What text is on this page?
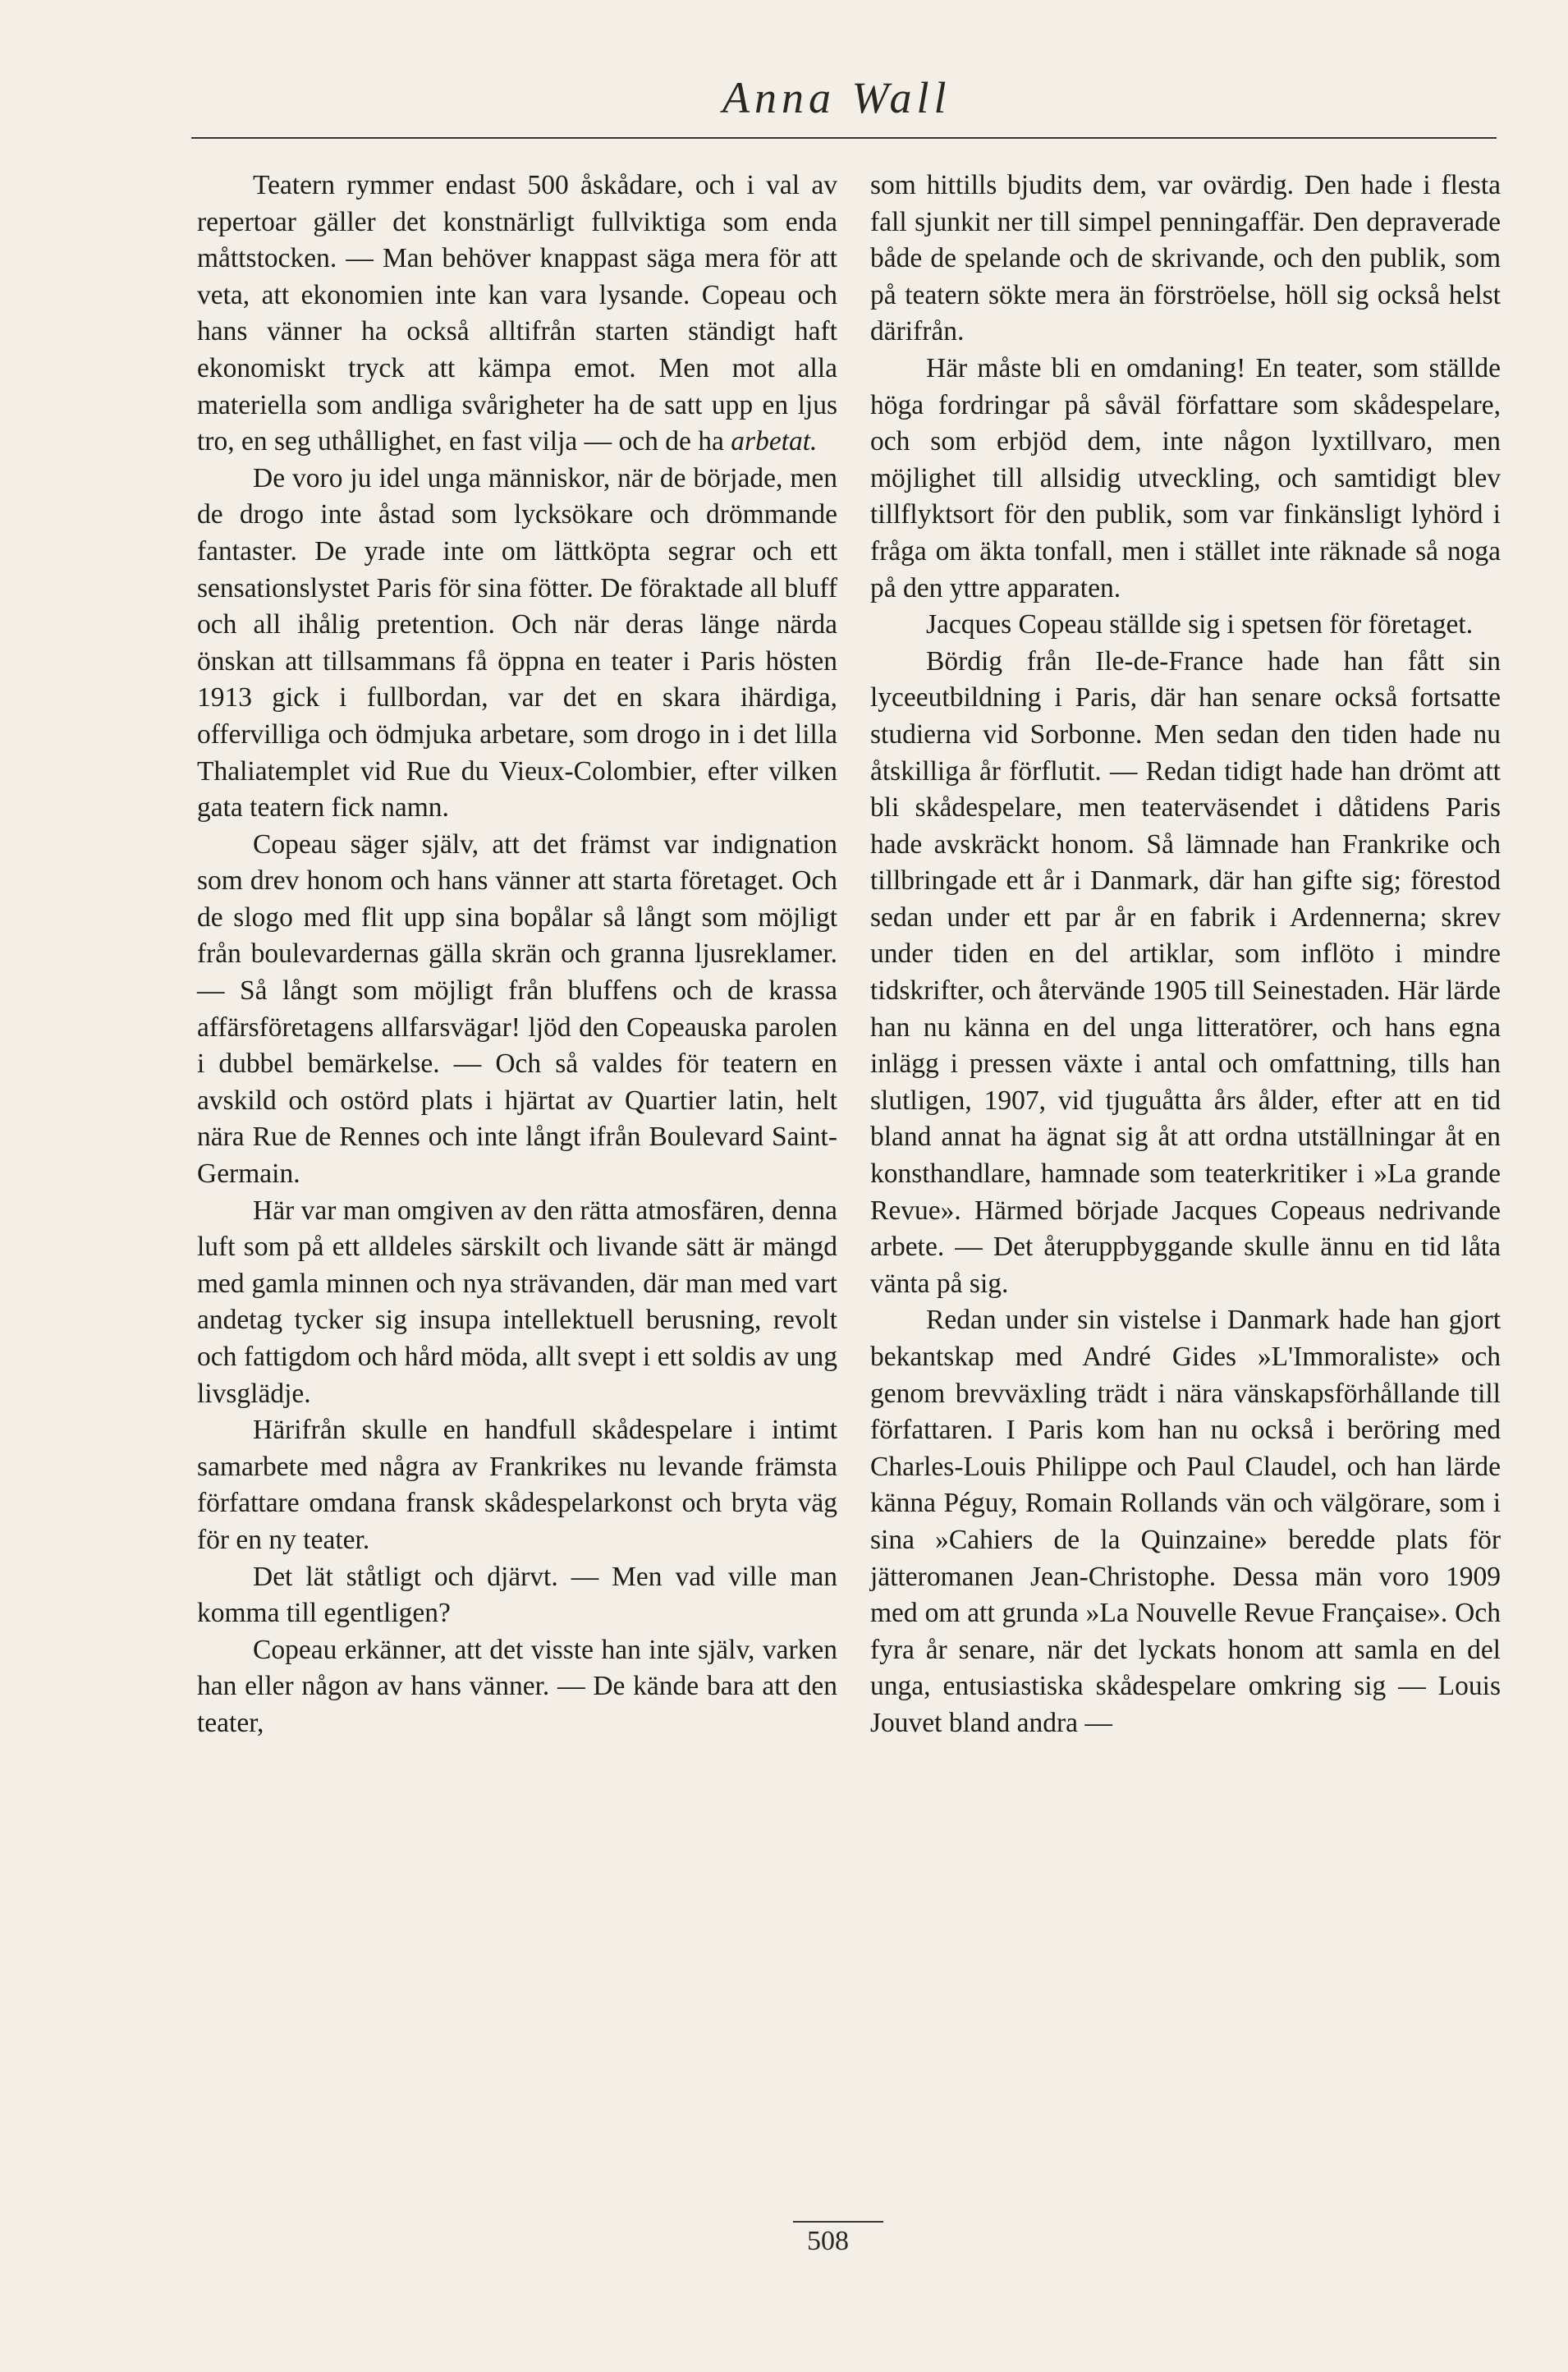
Anna Wall

Teatern rymmer endast 500 åskådare, och i val av repertoar gäller det konstnärligt fullviktiga som enda måttstocken. — Man behöver knappast säga mera för att veta, att ekonomien inte kan vara lysande. Copeau och hans vänner ha också alltifrån starten ständigt haft ekonomiskt tryck att kämpa emot. Men mot alla materiella som andliga svårigheter ha de satt upp en ljus tro, en seg uthållighet, en fast vilja — och de ha arbetat.

De voro ju idel unga människor, när de började, men de drogo inte åstad som lycksökare och drömmande fantaster. De yrade inte om lättköpta segrar och ett sensationslystet Paris för sina fötter. De föraktade all bluff och all ihålig pretention. Och när deras länge närda önskan att tillsammans få öppna en teater i Paris hösten 1913 gick i fullbordan, var det en skara ihärdiga, offervilliga och ödmjuka arbetare, som drogo in i det lilla Thaliatemplet vid Rue du Vieux-Colombier, efter vilken gata teatern fick namn.

Copeau säger själv, att det främst var indignation som drev honom och hans vänner att starta företaget. Och de slogo med flit upp sina bopålar så långt som möjligt från boulevardernas gälla skrän och granna ljusreklamer. — Så långt som möjligt från bluffens och de krassa affärsföretagens allfarsvägar! ljöd den Copeauska parolen i dubbel bemärkelse. — Och så valdes för teatern en avskild och ostörd plats i hjärtat av Quartier latin, helt nära Rue de Rennes och inte långt ifrån Boulevard Saint-Germain.

Här var man omgiven av den rätta atmosfären, denna luft som på ett alldeles särskilt och livande sätt är mängd med gamla minnen och nya strävanden, där man med vart andetag tycker sig insupa intellektuell berusning, revolt och fattigdom och hård möda, allt svept i ett soldis av ung livsglädje.

Härifrån skulle en handfull skådespelare i intimt samarbete med några av Frankrikes nu levande främsta författare omdana fransk skådespelarkonst och bryta väg för en ny teater.

Det lät ståtligt och djärvt. — Men vad ville man komma till egentligen?

Copeau erkänner, att det visste han inte själv, varken han eller någon av hans vänner. — De kände bara att den teater,

som hittills bjudits dem, var ovärdig. Den hade i flesta fall sjunkit ner till simpel penningaffär. Den depraverade både de spelande och de skrivande, och den publik, som på teatern sökte mera än förströelse, höll sig också helst därifrån.

Här måste bli en omdaning! En teater, som ställde höga fordringar på såväl författare som skådespelare, och som erbjöd dem, inte någon lyxtillvaro, men möjlighet till allsidig utveckling, och samtidigt blev tillflyktsort för den publik, som var finkänsligt lyhörd i fråga om äkta tonfall, men i stället inte räknade så noga på den yttre apparaten.

Jacques Copeau ställde sig i spetsen för företaget.

Bördig från Ile-de-France hade han fått sin lyceeutbildning i Paris, där han senare också fortsatte studierna vid Sorbonne. Men sedan den tiden hade nu åtskilliga år förflutit. — Redan tidigt hade han drömt att bli skådespelare, men teaterväsendet i dåtidens Paris hade avskräckt honom. Så lämnade han Frankrike och tillbringade ett år i Danmark, där han gifte sig; förestod sedan under ett par år en fabrik i Ardennerna; skrev under tiden en del artiklar, som inflöto i mindre tidskrifter, och återvände 1905 till Seinestaden. Här lärde han nu känna en del unga litteratörer, och hans egna inlägg i pressen växte i antal och omfattning, tills han slutligen, 1907, vid tjuguåtta års ålder, efter att en tid bland annat ha ägnat sig åt att ordna utställningar åt en konsthandlare, hamnade som teaterkritiker i »La grande Revue». Härmed började Jacques Copeaus nedrivande arbete. — Det återuppbyggande skulle ännu en tid låta vänta på sig.

Redan under sin vistelse i Danmark hade han gjort bekantskap med André Gides »L'Immoraliste» och genom brevväxling trädt i nära vänskapsförhållande till författaren. I Paris kom han nu också i beröring med Charles-Louis Philippe och Paul Claudel, och han lärde känna Péguy, Romain Rollands vän och välgörare, som i sina »Cahiers de la Quinzaine» beredde plats för jätteromanen Jean-Christophe. Dessa män voro 1909 med om att grunda »La Nouvelle Revue Française». Och fyra år senare, när det lyckats honom att samla en del unga, entusiastiska skådespelare omkring sig — Louis Jouvet bland andra —

508
